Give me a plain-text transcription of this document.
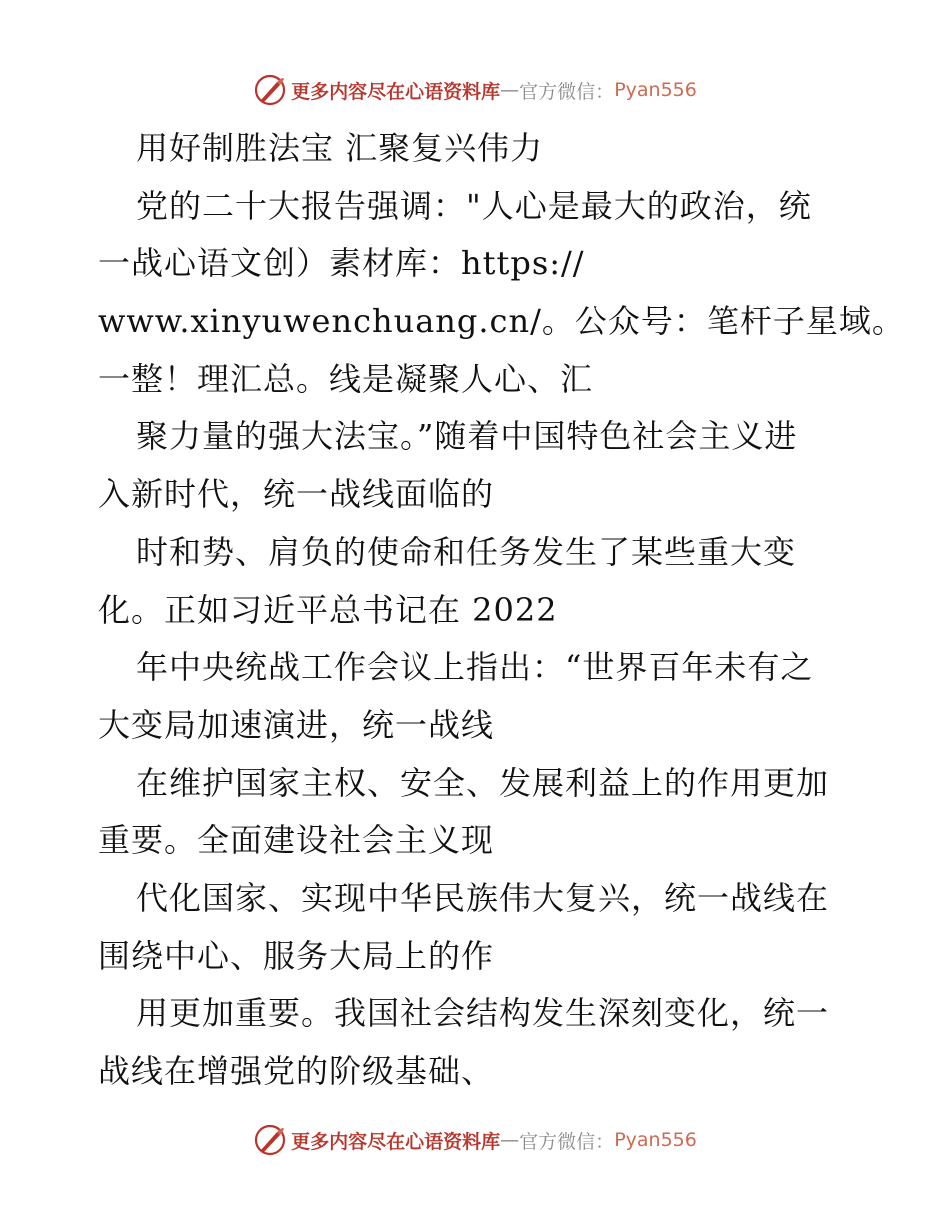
更多内容尽在心语资料库 — 官方微信： Pyan556

用好制胜法宝 汇聚复兴伟力

党的二十大报告强调："人心是最大的政治，统

一战心语文创）素材库：https://

www.xinyuwenchuang.cn/。公众号：笔杆子星域。

一整！理汇总。线是凝聚人心、汇

聚力量的强大法宝。”随着中国特色社会主义进

入新时代，统一战线面临的

时和势、肩负的使命和任务发生了某些重大变

化。正如习近平总书记在 2022

年中央统战工作会议上指出：“世界百年未有之

大变局加速演进，统一战线

在维护国家主权、安全、发展利益上的作用更加

重要。全面建设社会主义现

代化国家、实现中华民族伟大复兴，统一战线在

围绕中心、服务大局上的作

用更加重要。我国社会结构发生深刻变化，统一

战线在增强党的阶级基础、

更多内容尽在心语资料库 — 官方微信： Pyan556
